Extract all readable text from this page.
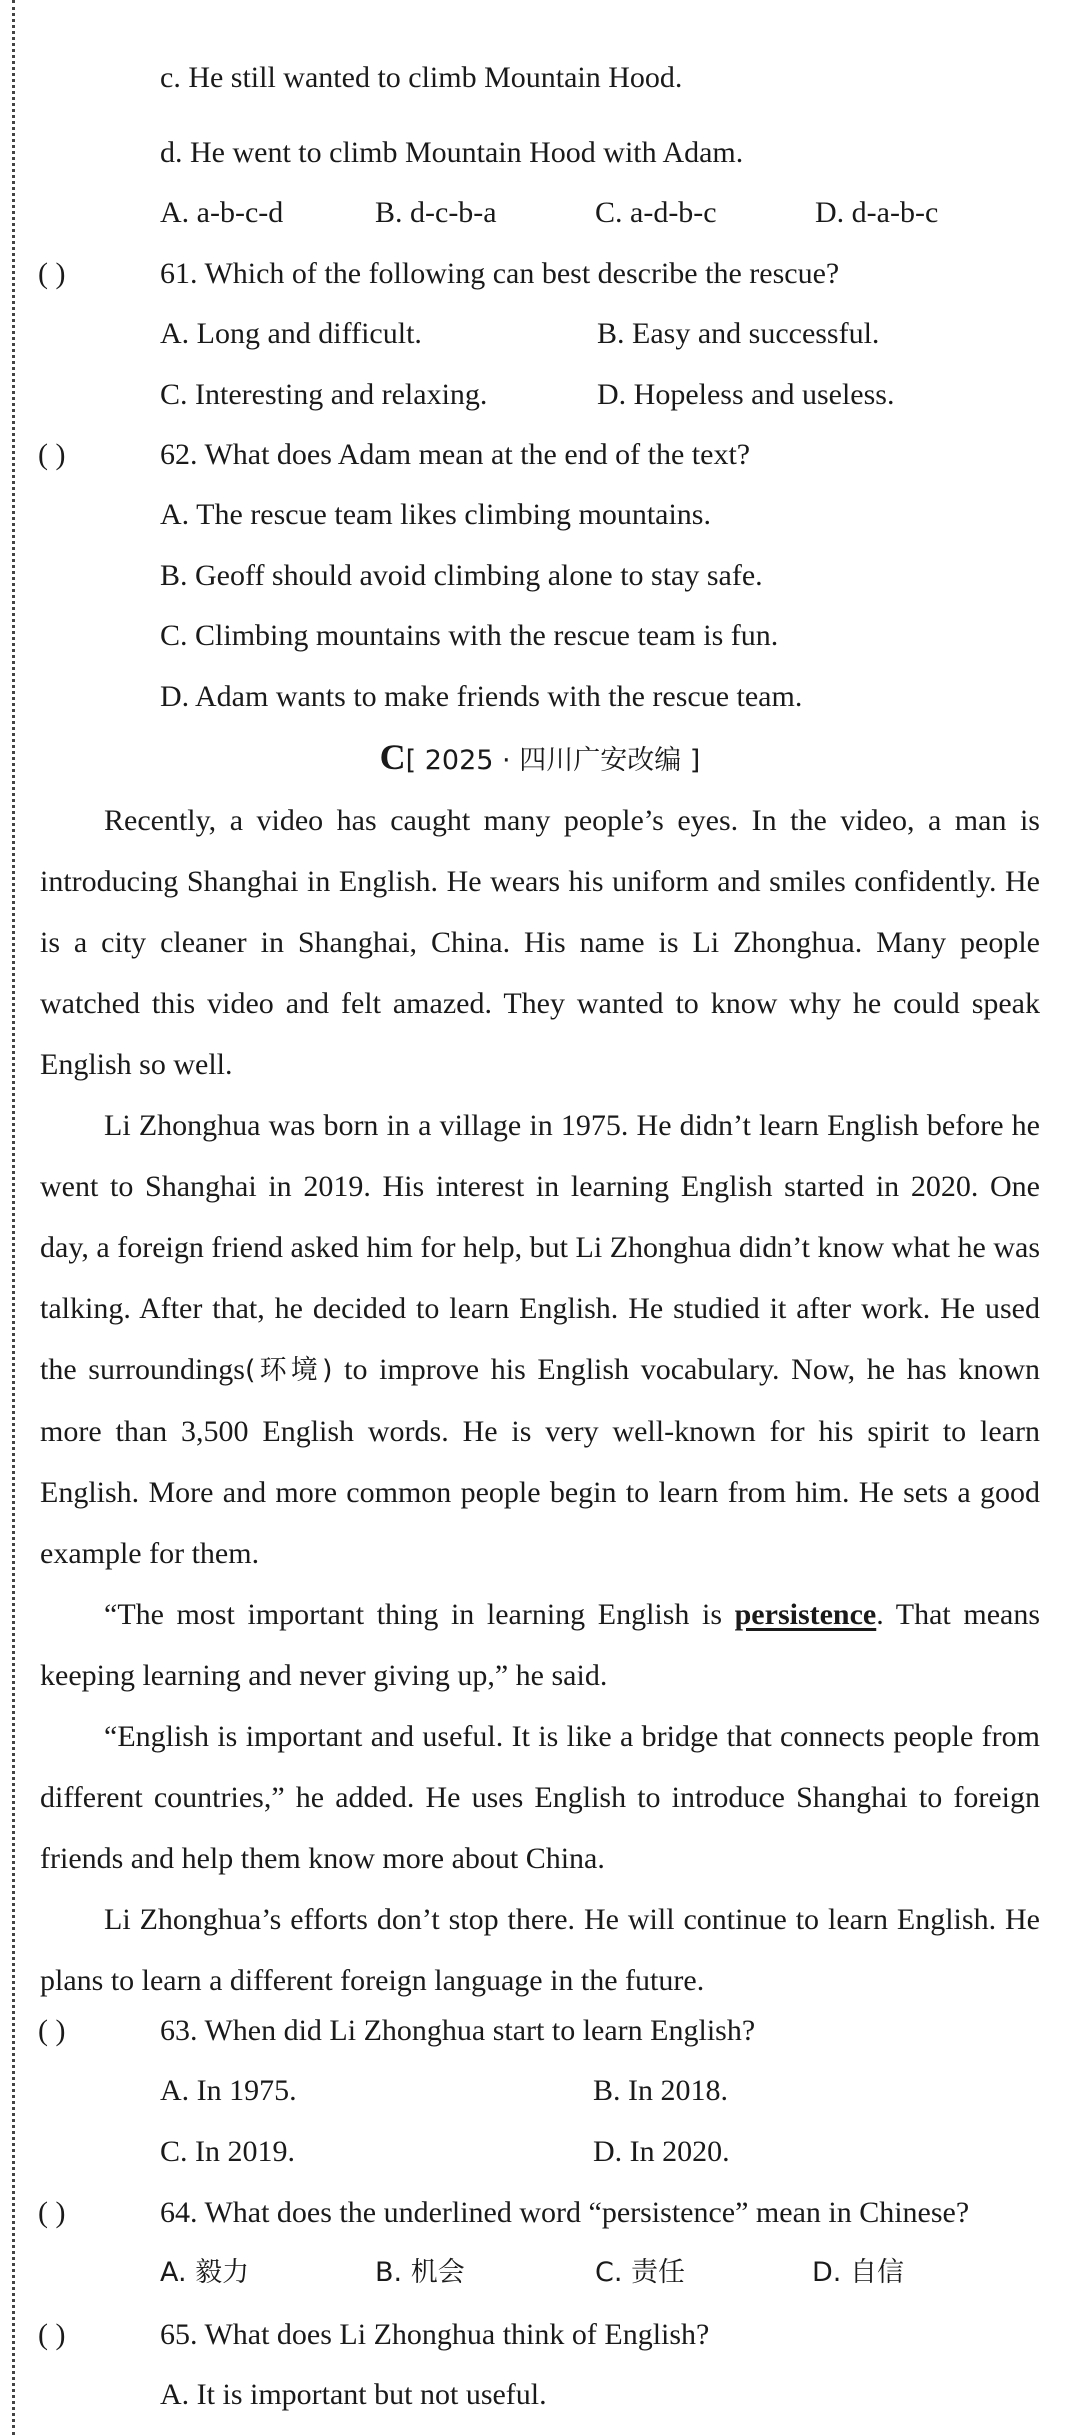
c. He still wanted to climb Mountain Hood.
d. He went to climb Mountain Hood with Adam.
A. a-b-c-d	B. d-c-b-a	C. a-d-b-c	D. d-a-b-c
( )	61. Which of the following can best describe the rescue?
A. Long and difficult.	B. Easy and successful.
C. Interesting and relaxing.	D. Hopeless and useless.
( )	62. What does Adam mean at the end of the text?
A. The rescue team likes climbing mountains.
B. Geoff should avoid climbing alone to stay safe.
C. Climbing mountains with the rescue team is fun.
D. Adam wants to make friends with the rescue team.
C[ 2025 · 四川广安改编 ]

Recently, a video has caught many people’s eyes. In the video, a man is introducing Shanghai in English. He wears his uniform and smiles confidently. He is a city cleaner in Shanghai, China. His name is Li Zhonghua. Many people watched this video and felt amazed. They wanted to know why he could speak English so well.

Li Zhonghua was born in a village in 1975. He didn’t learn English before he went to Shanghai in 2019. His interest in learning English started in 2020. One day, a foreign friend asked him for help, but Li Zhonghua didn’t know what he was talking. After that, he decided to learn English. He studied it after work. He used the surroundings(环境) to improve his English vocabulary. Now, he has known more than 3,500 English words. He is very well-known for his spirit to learn English. More and more common people begin to learn from him. He sets a good example for them.

“The most important thing in learning English is persistence. That means keeping learning and never giving up,” he said.

“English is important and useful. It is like a bridge that connects people from different countries,” he added. He uses English to introduce Shanghai to foreign friends and help them know more about China.

Li Zhonghua’s efforts don’t stop there. He will continue to learn English. He plans to learn a different foreign language in the future.

( )	63. When did Li Zhonghua start to learn English?
A. In 1975.	B. In 2018.
C. In 2019.	D. In 2020.
( )	64. What does the underlined word “persistence” mean in Chinese?
A. 毅力	B. 机会	C. 责任	D. 自信
( )	65. What does Li Zhonghua think of English?
A. It is important but not useful.
